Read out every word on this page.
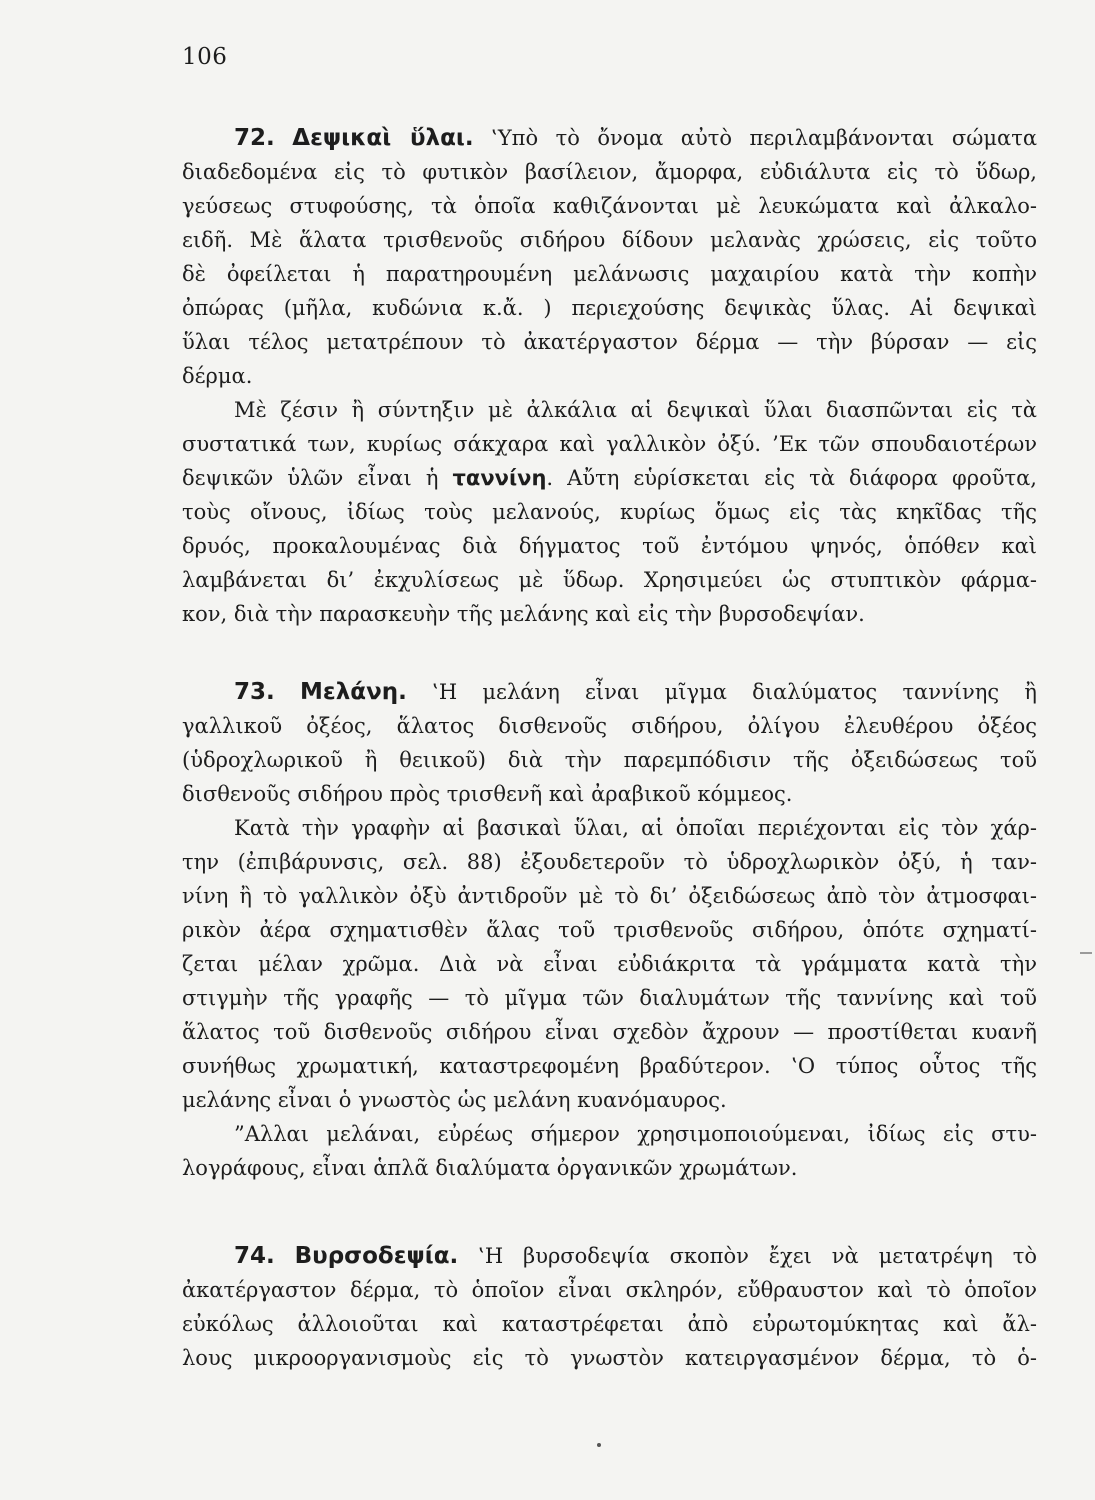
106
72. Δεψικαὶ ὕλαι. ‛Υπὸ τὸ ὄνομα αὐτὸ περιλαμβάνονται σώματα
διαδεδομένα εἰς τὸ φυτικὸν βασίλειον, ἄμορφα, εὐδιάλυτα εἰς τὸ ὕδωρ,
γεύσεως στυφούσης, τὰ ὁποῖα καθιζάνονται μὲ λευκώματα καὶ ἀλκαλο-
ειδῆ. Μὲ ἅλατα τρισθενοῦς σιδήρου δίδουν μελανὰς χρώσεις, εἰς τοῦτο
δὲ ὀφείλεται ἡ παρατηρουμένη μελάνωσις μαχαιρίου κατὰ τὴν κοπὴν
ὀπώρας (μῆλα, κυδώνια κ.ἄ. ) περιεχούσης δεψικὰς ὕλας. Αἱ δεψικαὶ
ὕλαι τέλος μετατρέπουν τὸ ἀκατέργαστον δέρμα — τὴν βύρσαν — εἰς
δέρμα.
Μὲ ζέσιν ἢ σύντηξιν μὲ ἀλκάλια αἱ δεψικαὶ ὕλαι διασπῶνται εἰς τὰ
συστατικά των, κυρίως σάκχαρα καὶ γαλλικὸν ὀξύ. ’Εκ τῶν σπουδαιοτέρων
δεψικῶν ὑλῶν εἶναι ἡ ταννίνη. Αὔτη εὑρίσκεται εἰς τὰ διάφορα φροῦτα,
τοὺς οἴνους, ἰδίως τοὺς μελανούς, κυρίως ὅμως εἰς τὰς κηκῖδας τῆς
δρυός, προκαλουμένας διὰ δήγματος τοῦ ἐντόμου ψηνός, ὁπόθεν καὶ
λαμβάνεται δι’ ἐκχυλίσεως μὲ ὕδωρ. Χρησιμεύει ὡς στυπτικὸν φάρμα-
κον, διὰ τὴν παρασκευὴν τῆς μελάνης καὶ εἰς τὴν βυρσοδεψίαν.
73. Μελάνη. ‛Η μελάνη εἶναι μῖγμα διαλύματος ταννίνης ἢ
γαλλικοῦ ὀξέος, ἅλατος δισθενοῦς σιδήρου, ὀλίγου ἐλευθέρου ὀξέος
(ὑδροχλωρικοῦ ἢ θειικοῦ) διὰ τὴν παρεμπόδισιν τῆς ὀξειδώσεως τοῦ
δισθενοῦς σιδήρου πρὸς τρισθενῆ καὶ ἀραβικοῦ κόμμεος.
Κατὰ τὴν γραφὴν αἱ βασικαὶ ὕλαι, αἱ ὁποῖαι περιέχονται εἰς τὸν χάρ-
την (ἐπιβάρυνσις, σελ. 88) ἐξουδετεροῦν τὸ ὑδροχλωρικὸν ὀξύ, ἡ ταν-
νίνη ἢ τὸ γαλλικὸν ὀξὺ ἀντιδροῦν μὲ τὸ δι’ ὀξειδώσεως ἀπὸ τὸν ἀτμοσφαι-
ρικὸν ἀέρα σχηματισθὲν ἅλας τοῦ τρισθενοῦς σιδήρου, ὁπότε σχηματί-
ζεται μέλαν χρῶμα. Διὰ νὰ εἶναι εὐδιάκριτα τὰ γράμματα κατὰ τὴν
στιγμὴν τῆς γραφῆς — τὸ μῖγμα τῶν διαλυμάτων τῆς ταννίνης καὶ τοῦ
ἅλατος τοῦ δισθενοῦς σιδήρου εἶναι σχεδὸν ἄχρουν — προστίθεται κυανῆ
συνήθως χρωματική, καταστρεφομένη βραδύτερον. ‛Ο τύπος οὗτος τῆς
μελάνης εἶναι ὁ γνωστὸς ὡς μελάνη κυανόμαυρος.
”Αλλαι μελάναι, εὐρέως σήμερον χρησιμοποιούμεναι, ἰδίως εἰς στυ-
λογράφους, εἶναι ἁπλᾶ διαλύματα ὀργανικῶν χρωμάτων.
74. Βυρσοδεψία. ‛Η βυρσοδεψία σκοπὸν ἔχει νὰ μετατρέψη τὸ
ἀκατέργαστον δέρμα, τὸ ὁποῖον εἶναι σκληρόν, εὔθραυστον καὶ τὸ ὁποῖον
εὐκόλως ἀλλοιοῦται καὶ καταστρέφεται ἀπὸ εὐρωτομύκητας καὶ ἄλ-
λους μικροοργανισμοὺς εἰς τὸ γνωστὸν κατειργασμένον δέρμα, τὸ ὁ-
